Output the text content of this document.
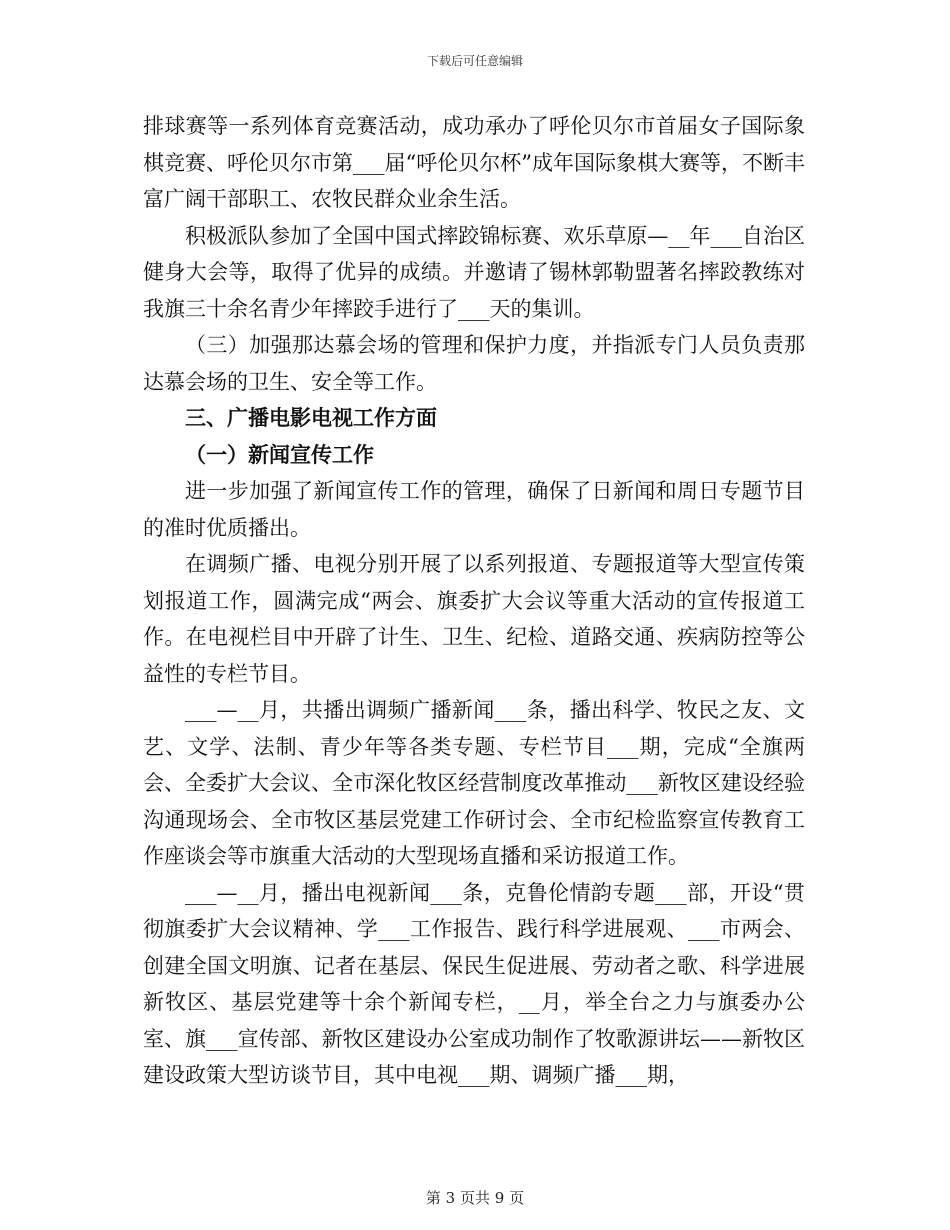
下载后可任意编辑

排球赛等一系列体育竞赛活动，成功承办了呼伦贝尔市首届女子国际象棋竞赛、呼伦贝尔市第___届“呼伦贝尔杯”成年国际象棋大赛等，不断丰富广阔干部职工、农牧民群众业余生活。

积极派队参加了全国中国式摔跤锦标赛、欢乐草原—__年___自治区健身大会等，取得了优异的成绩。并邀请了锡林郭勒盟著名摔跤教练对我旗三十余名青少年摔跤手进行了___天的集训。

（三）加强那达慕会场的管理和保护力度，并指派专门人员负责那达慕会场的卫生、安全等工作。

三、广播电影电视工作方面

（一）新闻宣传工作

进一步加强了新闻宣传工作的管理，确保了日新闻和周日专题节目的准时优质播出。

在调频广播、电视分别开展了以系列报道、专题报道等大型宣传策划报道工作，圆满完成“两会、旗委扩大会议等重大活动的宣传报道工作。在电视栏目中开辟了计生、卫生、纪检、道路交通、疾病防控等公益性的专栏节目。

___—__月，共播出调频广播新闻___条，播出科学、牧民之友、文艺、文学、法制、青少年等各类专题、专栏节目___期，完成“全旗两会、全委扩大会议、全市深化牧区经营制度改革推动___新牧区建设经验沟通现场会、全市牧区基层党建工作研讨会、全市纪检监察宣传教育工作座谈会等市旗重大活动的大型现场直播和采访报道工作。

___—__月，播出电视新闻___条，克鲁伦情韵专题___部，开设“贯彻旗委扩大会议精神、学___工作报告、践行科学进展观、___市两会、创建全国文明旗、记者在基层、保民生促进展、劳动者之歌、科学进展新牧区、基层党建等十余个新闻专栏，__月，举全台之力与旗委办公室、旗___宣传部、新牧区建设办公室成功制作了牧歌源讲坛——新牧区建设政策大型访谈节目，其中电视___期、调频广播___期，

第 3 页共 9 页
